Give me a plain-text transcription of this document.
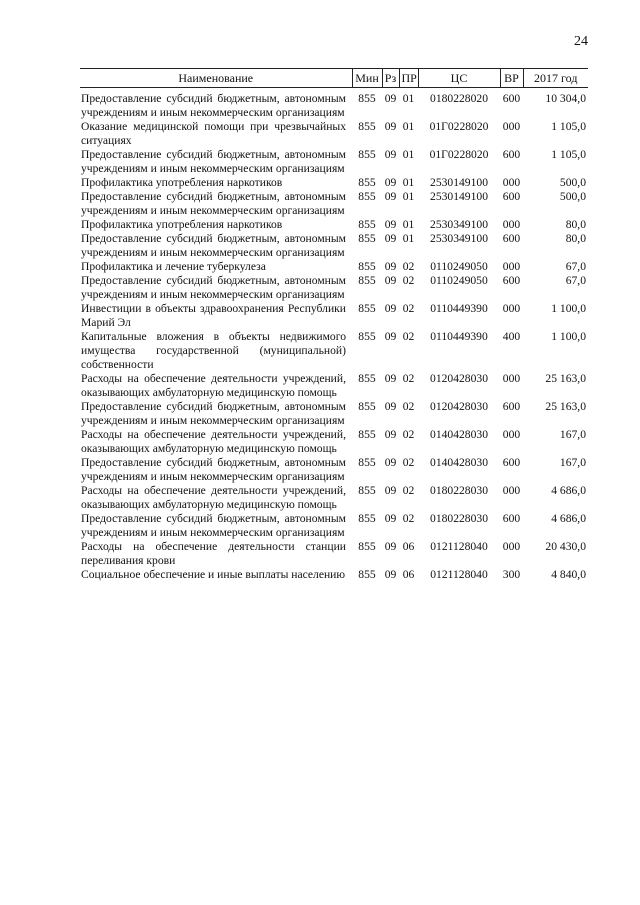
24
Наименование	Мин	Рз	ПР	ЦС	ВР	2017 год

Предоставление субсидий бюджетным, автономным учреждениям и иным некоммерческим организациям	855	09	01	0180228020	600	10 304,0
Оказание медицинской помощи при чрезвычайных ситуациях	855	09	01	01Г0228020	000	1 105,0
Предоставление субсидий бюджетным, автономным учреждениям и иным некоммерческим организациям	855	09	01	01Г0228020	600	1 105,0
Профилактика употребления наркотиков	855	09	01	2530149100	000	500,0
Предоставление субсидий бюджетным, автономным учреждениям и иным некоммерческим организациям	855	09	01	2530149100	600	500,0
Профилактика употребления наркотиков	855	09	01	2530349100	000	80,0
Предоставление субсидий бюджетным, автономным учреждениям и иным некоммерческим организациям	855	09	01	2530349100	600	80,0
Профилактика и лечение туберкулеза	855	09	02	0110249050	000	67,0
Предоставление субсидий бюджетным, автономным учреждениям и иным некоммерческим организациям	855	09	02	0110249050	600	67,0
Инвестиции в объекты здравоохранения Республики Марий Эл	855	09	02	0110449390	000	1 100,0
Капитальные вложения в объекты недвижимого имущества государственной (муниципальной) собственности	855	09	02	0110449390	400	1 100,0
Расходы на обеспечение деятельности учреждений, оказывающих амбулаторную медицинскую помощь	855	09	02	0120428030	000	25 163,0
Предоставление субсидий бюджетным, автономным учреждениям и иным некоммерческим организациям	855	09	02	0120428030	600	25 163,0
Расходы на обеспечение деятельности учреждений, оказывающих амбулаторную медицинскую помощь	855	09	02	0140428030	000	167,0
Предоставление субсидий бюджетным, автономным учреждениям и иным некоммерческим организациям	855	09	02	0140428030	600	167,0
Расходы на обеспечение деятельности учреждений, оказывающих амбулаторную медицинскую помощь	855	09	02	0180228030	000	4 686,0
Предоставление субсидий бюджетным, автономным учреждениям и иным некоммерческим организациям	855	09	02	0180228030	600	4 686,0
Расходы на обеспечение деятельности станции переливания крови	855	09	06	0121128040	000	20 430,0
Социальное обеспечение и иные выплаты населению	855	09	06	0121128040	300	4 840,0
